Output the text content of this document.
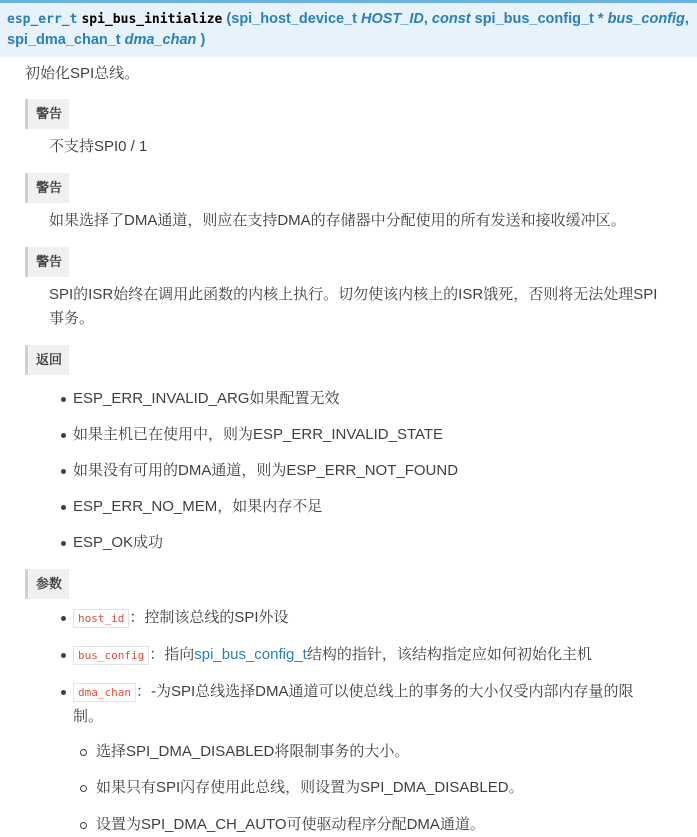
esp_err_t spi_bus_initialize (spi_host_device_t HOST_ID, const spi_bus_config_t * bus_config,
spi_dma_chan_t dma_chan )
初始化SPI总线。
警告
不支持SPI0 / 1
警告
如果选择了DMA通道，则应在支持DMA的存储器中分配使用的所有发送和接收缓冲区。
警告
SPI的ISR始终在调用此函数的内核上执行。切勿使该内核上的ISR饿死，否则将无法处理SPI
事务。
返回
ESP_ERR_INVALID_ARG如果配置无效
如果主机已在使用中，则为ESP_ERR_INVALID_STATE
如果没有可用的DMA通道，则为ESP_ERR_NOT_FOUND
ESP_ERR_NO_MEM，如果内存不足
ESP_OK成功
参数
host_id ：控制该总线的SPI外设
bus_config ：指向spi_bus_config_t结构的指针，该结构指定应如何初始化主机
dma_chan ：-为SPI总线选择DMA通道可以使总线上的事务的大小仅受内部内存量的限
制。
选择SPI_DMA_DISABLED将限制事务的大小。
如果只有SPI闪存使用此总线，则设置为SPI_DMA_DISABLED。
设置为SPI_DMA_CH_AUTO可使驱动程序分配DMA通道。
